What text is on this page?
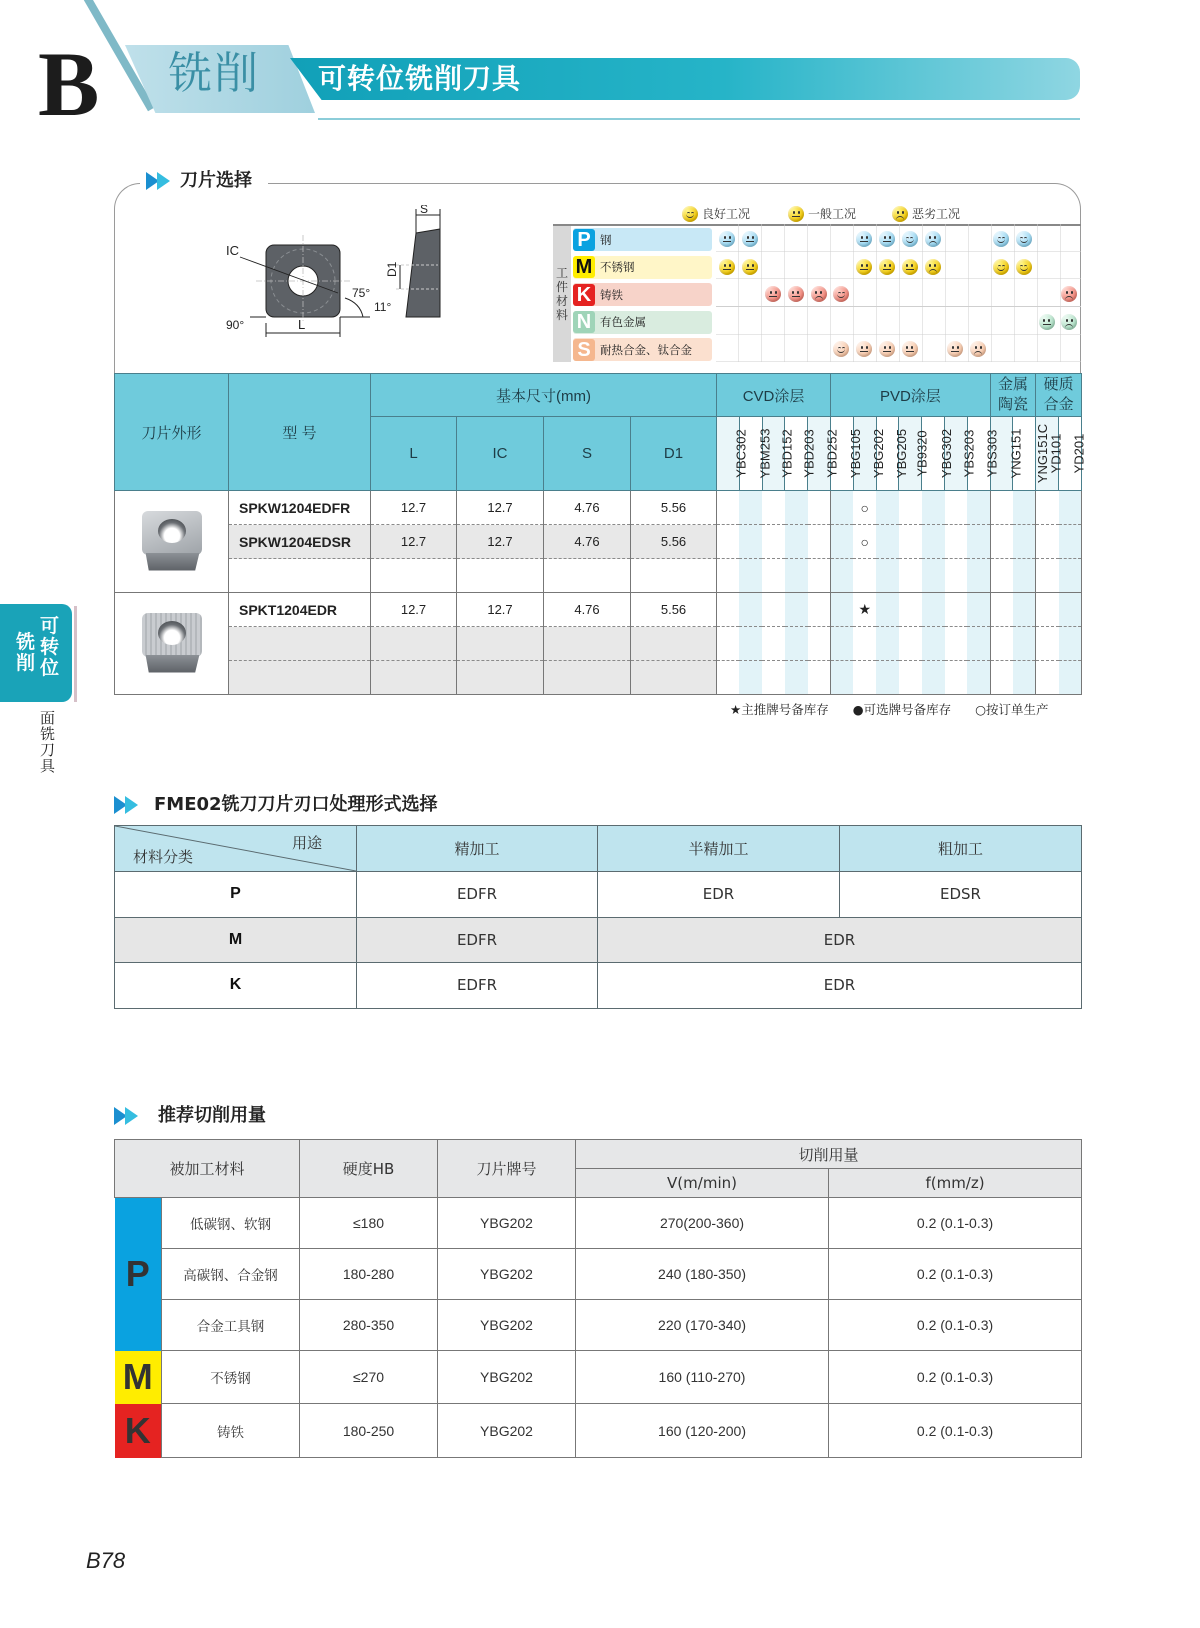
B 铣削 可转位铣削刀具
可
转
位
铣
削
面
铣
刀
具
刀片选择
IC
L
90°
75°
S
D1
11°
良好工况	一般工况	恶劣工况
工
件
材
料
P 钢
M 不锈钢
K 铸铁
N 有色金属
S 耐热合金、钛合金
刀片外形	型 号	基本尺寸(mm)				CVD涂层					PVD涂层							金属陶瓷		硬质合金	
		L	IC	S	D1	YBC302	YBM253	YBD152	YBD203	YBD252	YBG105	YBG202	YBG205	YB9320	YBG302	YBS203	YBS303	YNG151	YNG151C	YD101	YD201

	SPKW1204EDFR	12.7	12.7	4.76	5.56							○									
	SPKW1204EDSR	12.7	12.7	4.76	5.56							○									

	SPKT1204EDR	12.7	12.7	4.76	5.56							★									

★主推牌号备库存 ●可选牌号备库存 ○按订单生产
FME02铣刀刀片刃口处理形式选择
用途
材料分类	精加工	半精加工	粗加工
P	EDFR	EDR	EDSR
M	EDFR	EDR	
K	EDFR	EDR	
推荐切削用量
被加工材料		硬度HB	刀片牌号	切削用量	
				V(m/min)	f(mm/z)
P	低碳钢、软钢	≤180	YBG202	270(200-360)	0.2 (0.1-0.3)
	高碳钢、合金钢	180-280	YBG202	240 (180-350)	0.2 (0.1-0.3)
	合金工具钢	280-350	YBG202	220 (170-340)	0.2 (0.1-0.3)
M	不锈钢	≤270	YBG202	160 (110-270)	0.2 (0.1-0.3)
K	铸铁	180-250	YBG202	160 (120-200)	0.2 (0.1-0.3)
B78
